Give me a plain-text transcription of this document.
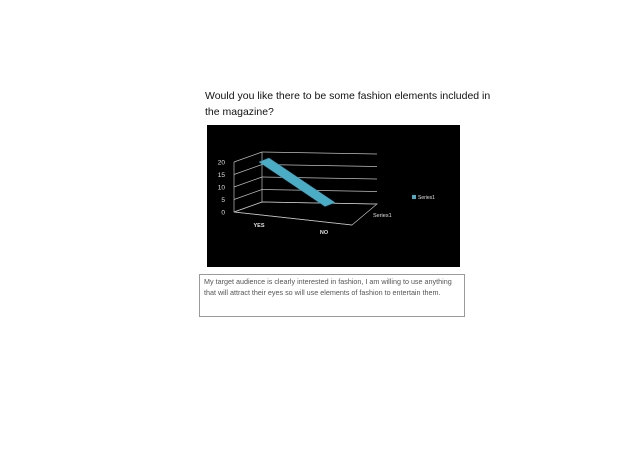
Would you like there to be some fashion elements included in the magazine?
0
5
10
15
20
YES
NO
Series1
Series1
My target audience is clearly interested in fashion, I am willing to use anything that will attract their eyes so will use elements of fashion to entertain them.
